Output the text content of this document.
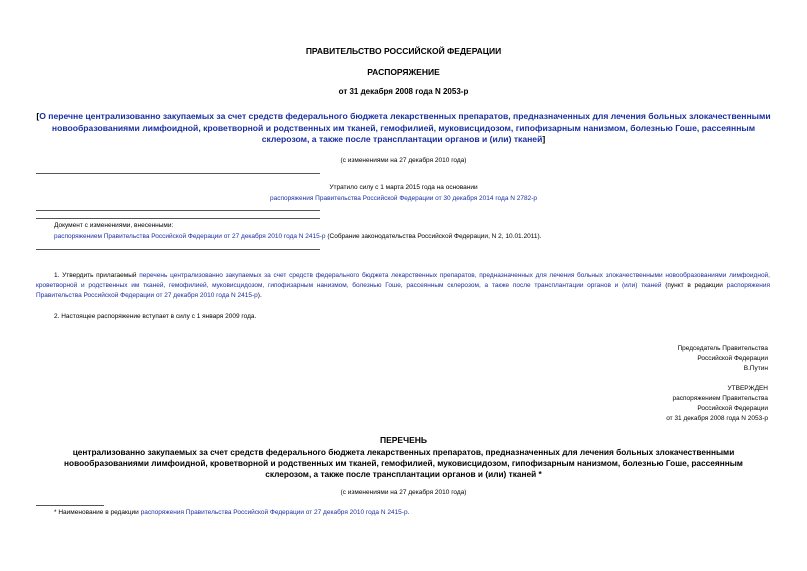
ПРАВИТЕЛЬСТВО РОССИЙСКОЙ ФЕДЕРАЦИИ
РАСПОРЯЖЕНИЕ
от 31 декабря 2008 года N 2053-р
[О перечне централизованно закупаемых за счет средств федерального бюджета лекарственных препаратов, предназначенных для лечения больных злокачественными новообразованиями лимфоидной, кроветворной и родственных им тканей, гемофилией, муковисцидозом, гипофизарным нанизмом, болезнью Гоше, рассеянным склерозом, а также после трансплантации органов и (или) тканей]
(с изменениями на 27 декабря 2010 года)
Утратило силу с 1 марта 2015 года на основании
распоряжения Правительства Российской Федерации от 30 декабря 2014 года N 2782-р
Документ с изменениями, внесенными:
распоряжением Правительства Российской Федерации от 27 декабря 2010 года N 2415-р (Собрание законодательства Российской Федерации, N 2, 10.01.2011).
1. Утвердить прилагаемый перечень централизованно закупаемых за счет средств федерального бюджета лекарственных препаратов, предназначенных для лечения больных злокачественными новообразованиями лимфоидной, кроветворной и родственных им тканей, гемофилией, муковисцидозом, гипофизарным нанизмом, болезнью Гоше, рассеянным склерозом, а также после трансплантации органов и (или) тканей (пункт в редакции распоряжения Правительства Российской Федерации от 27 декабря 2010 года N 2415-р).
2. Настоящее распоряжение вступает в силу с 1 января 2009 года.
Председатель Правительства
Российской Федерации
В.Путин
УТВЕРЖДЕН
распоряжением Правительства
Российской Федерации
от 31 декабря 2008 года N 2053-р
ПЕРЕЧЕНЬ
централизованно закупаемых за счет средств федерального бюджета лекарственных препаратов, предназначенных для лечения больных злокачественными новообразованиями лимфоидной, кроветворной и родственных им тканей, гемофилией, муковисцидозом, гипофизарным нанизмом, болезнью Гоше, рассеянным склерозом, а также после трансплантации органов и (или) тканей *
(с изменениями на 27 декабря 2010 года)
* Наименование в редакции распоряжения Правительства Российской Федерации от 27 декабря 2010 года N 2415-р.
